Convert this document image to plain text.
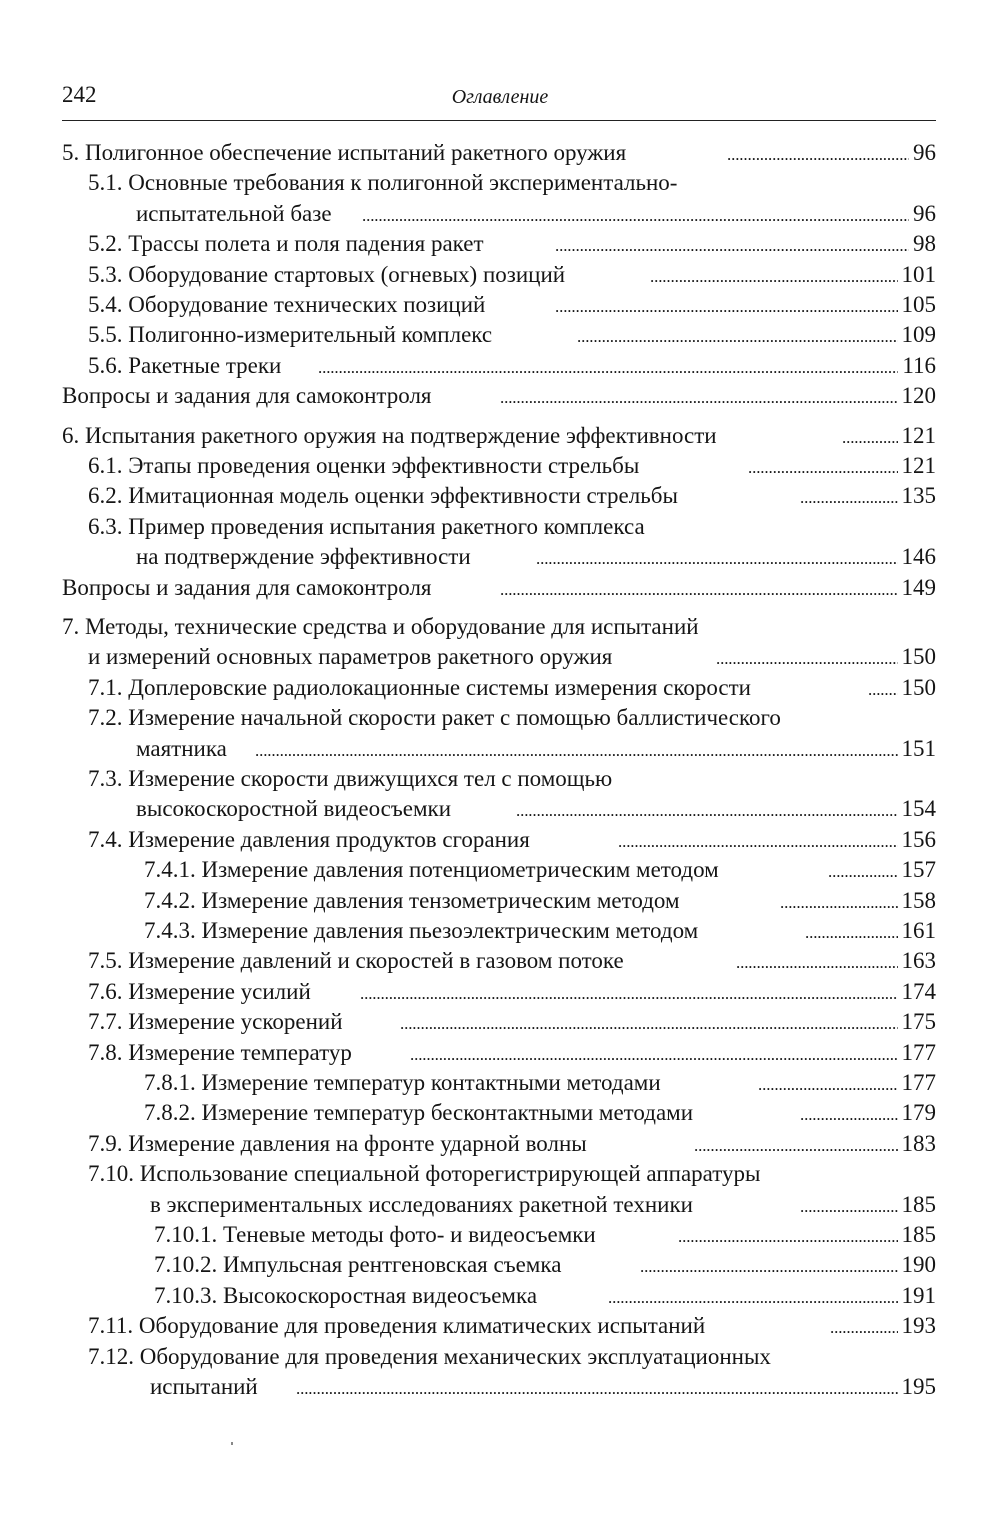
242	Оглавление
5. Полигонное обеспечение испытаний ракетного оружия	96
. . .
5.1. Основные требования к полигонной экспериментально-
испытательной базе	96
. . .
5.2. Трассы полета и поля падения ракет	98
. . .
5.3. Оборудование стартовых (огневых) позиций	101
. . .
5.4. Оборудование технических позиций	105
. . .
5.5. Полигонно-измерительный комплекс	109
. . .
5.6. Ракетные треки	116
. . .
Вопросы и задания для самоконтроля	120
. . .
6. Испытания ракетного оружия на подтверждение эффективности	121
. . .
6.1. Этапы проведения оценки эффективности стрельбы	121
. . .
6.2. Имитационная модель оценки эффективности стрельбы	135
. . .
6.3. Пример проведения испытания ракетного комплекса
на подтверждение эффективности	146
. . .
Вопросы и задания для самоконтроля	149
. . .
7. Методы, технические средства и оборудование для испытаний
и измерений основных параметров ракетного оружия	150
. . .
7.1. Доплеровские радиолокационные системы измерения скорости	150
. . .
7.2. Измерение начальной скорости ракет с помощью баллистического
маятника	151
. . .
7.3. Измерение скорости движущихся тел с помощью
высокоскоростной видеосъемки	154
. . .
7.4. Измерение давления продуктов сгорания	156
. . .
7.4.1. Измерение давления потенциометрическим методом	157
. . .
7.4.2. Измерение давления тензометрическим методом	158
. . .
7.4.3. Измерение давления пьезоэлектрическим методом	161
. . .
7.5. Измерение давлений и скоростей в газовом потоке	163
. . .
7.6. Измерение усилий	174
. . .
7.7. Измерение ускорений	175
. . .
7.8. Измерение температур	177
. . .
7.8.1. Измерение температур контактными методами	177
. . .
7.8.2. Измерение температур бесконтактными методами	179
. . .
7.9. Измерение давления на фронте ударной волны	183
. . .
7.10. Использование специальной фоторегистрирующей аппаратуры
в экспериментальных исследованиях ракетной техники	185
. . .
7.10.1. Теневые методы фото- и видеосъемки	185
. . .
7.10.2. Импульсная рентгеновская съемка	190
. . .
7.10.3. Высокоскоростная видеосъемка	191
. . .
7.11. Оборудование для проведения климатических испытаний	193
. . .
7.12. Оборудование для проведения механических эксплуатационных
испытаний	195
. . .
